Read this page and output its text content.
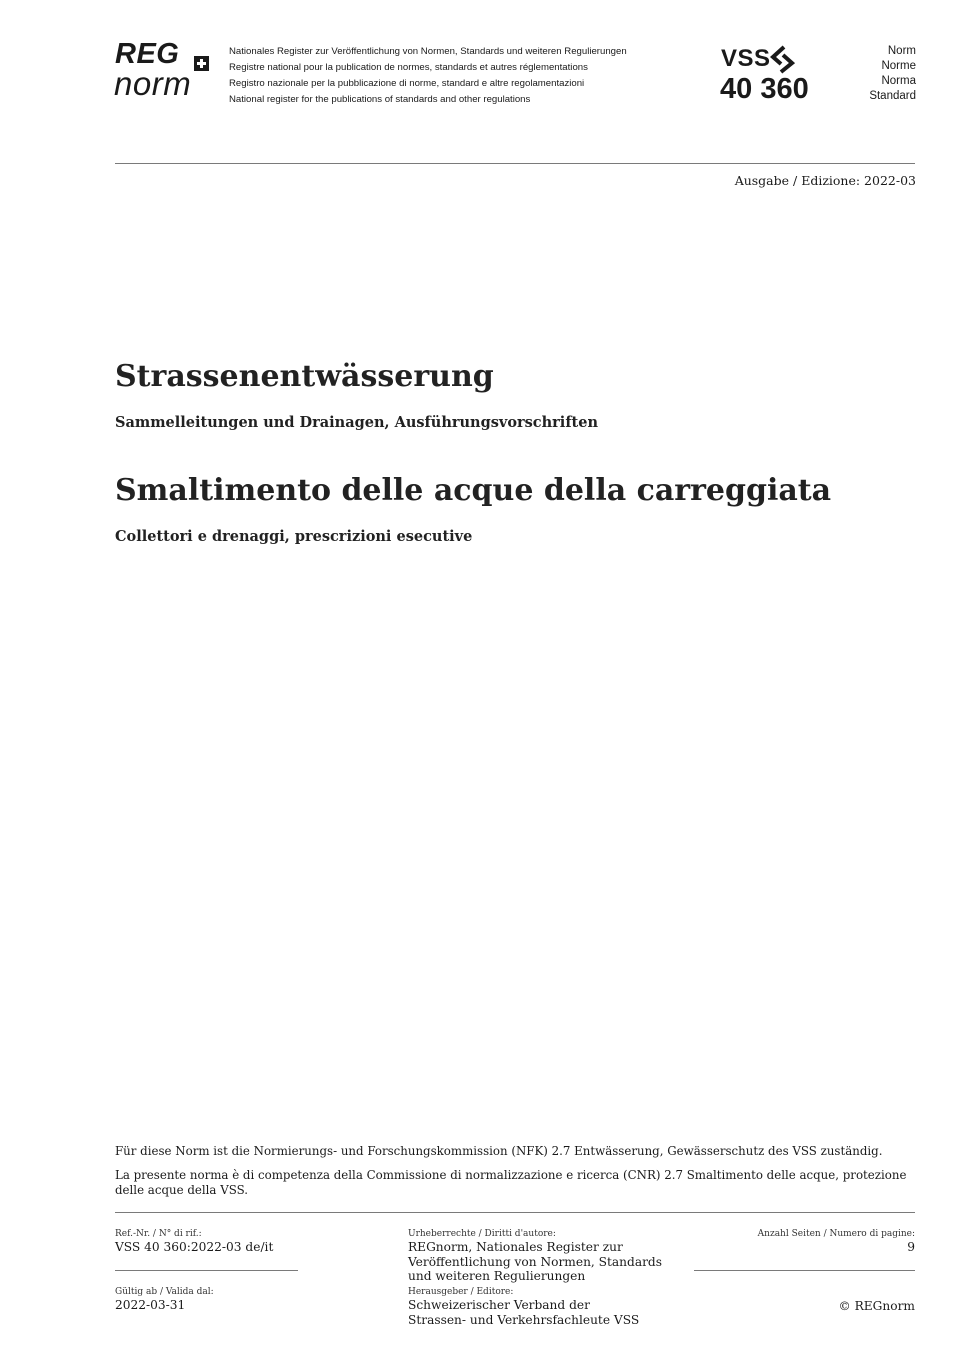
REG
norm
Nationales Register zur Veröffentlichung von Normen, Standards und weiteren Regulierungen
Registre national pour la publication de normes, standards et autres réglementations
Registro nazionale per la pubblicazione di norme, standard e altre regolamentazioni
National register for the publications of standards and other regulations
VSS
40 360
Norm
Norme
Norma
Standard
Ausgabe / Edizione: 2022-03
Strassenentwässerung
Sammelleitungen und Drainagen, Ausführungsvorschriften
Smaltimento delle acque della carreggiata
Collettori e drenaggi, prescrizioni esecutive
Für diese Norm ist die Normierungs- und Forschungskommission (NFK) 2.7 Entwässerung, Gewässerschutz des VSS zuständig.
La presente norma è di competenza della Commissione di normalizzazione e ricerca (CNR) 2.7 Smaltimento delle acque, protezione delle acque della VSS.
Ref.-Nr. / N° di rif.:
VSS 40 360:2022-03 de/it
Gültig ab / Valida dal:
2022-03-31
Urheberrechte / Diritti d'autore:
REGnorm, Nationales Register zur
Veröffentlichung von Normen, Standards
und weiteren Regulierungen
Herausgeber / Editore:
Schweizerischer Verband der
Strassen- und Verkehrsfachleute VSS
Anzahl Seiten / Numero di pagine:
9
© REGnorm
